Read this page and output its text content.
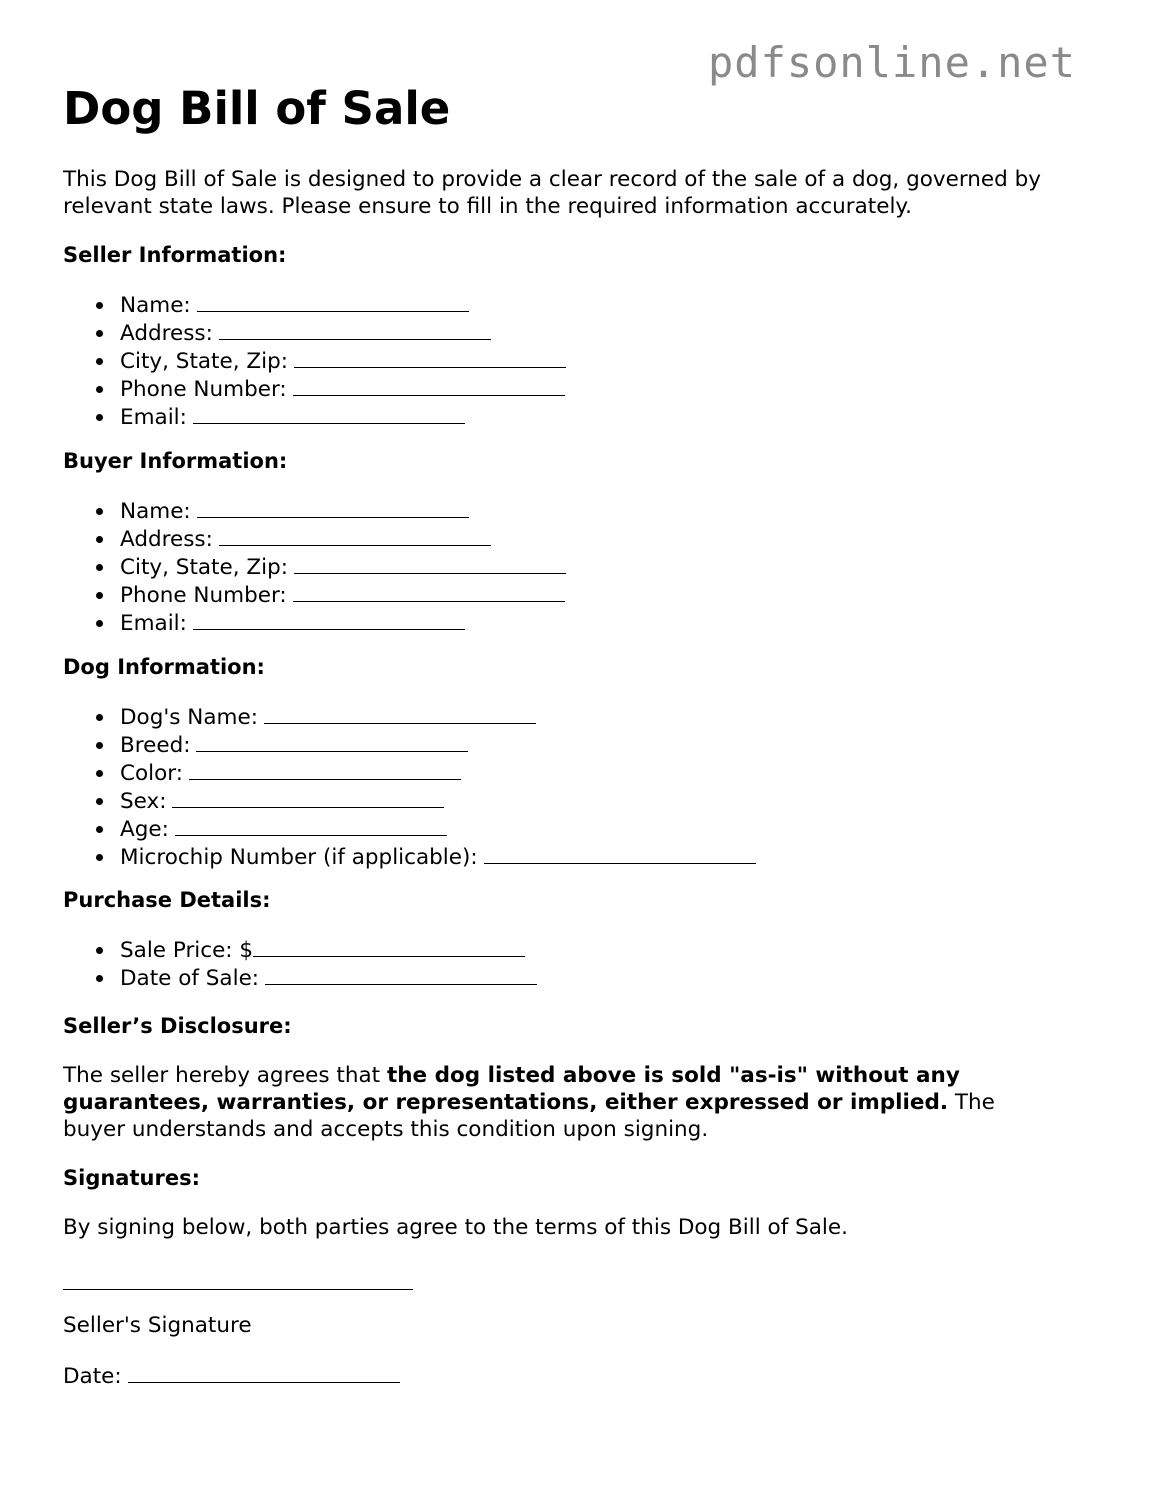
pdfsonline.net
Dog Bill of Sale

This Dog Bill of Sale is designed to provide a clear record of the sale of a dog, governed by relevant state laws. Please ensure to fill in the required information accurately.

Seller Information:
Name:
Address:
City, State, Zip:
Phone Number:
Email:
Buyer Information:
Name:
Address:
City, State, Zip:
Phone Number:
Email:
Dog Information:
Dog's Name:
Breed:
Color:
Sex:
Age:
Microchip Number (if applicable):
Purchase Details:
Sale Price: $
Date of Sale:
Seller’s Disclosure:

The seller hereby agrees that the dog listed above is sold "as-is" without any guarantees, warranties, or representations, either expressed or implied. The buyer understands and accepts this condition upon signing.

Signatures:

By signing below, both parties agree to the terms of this Dog Bill of Sale.

Seller's Signature

Date:
